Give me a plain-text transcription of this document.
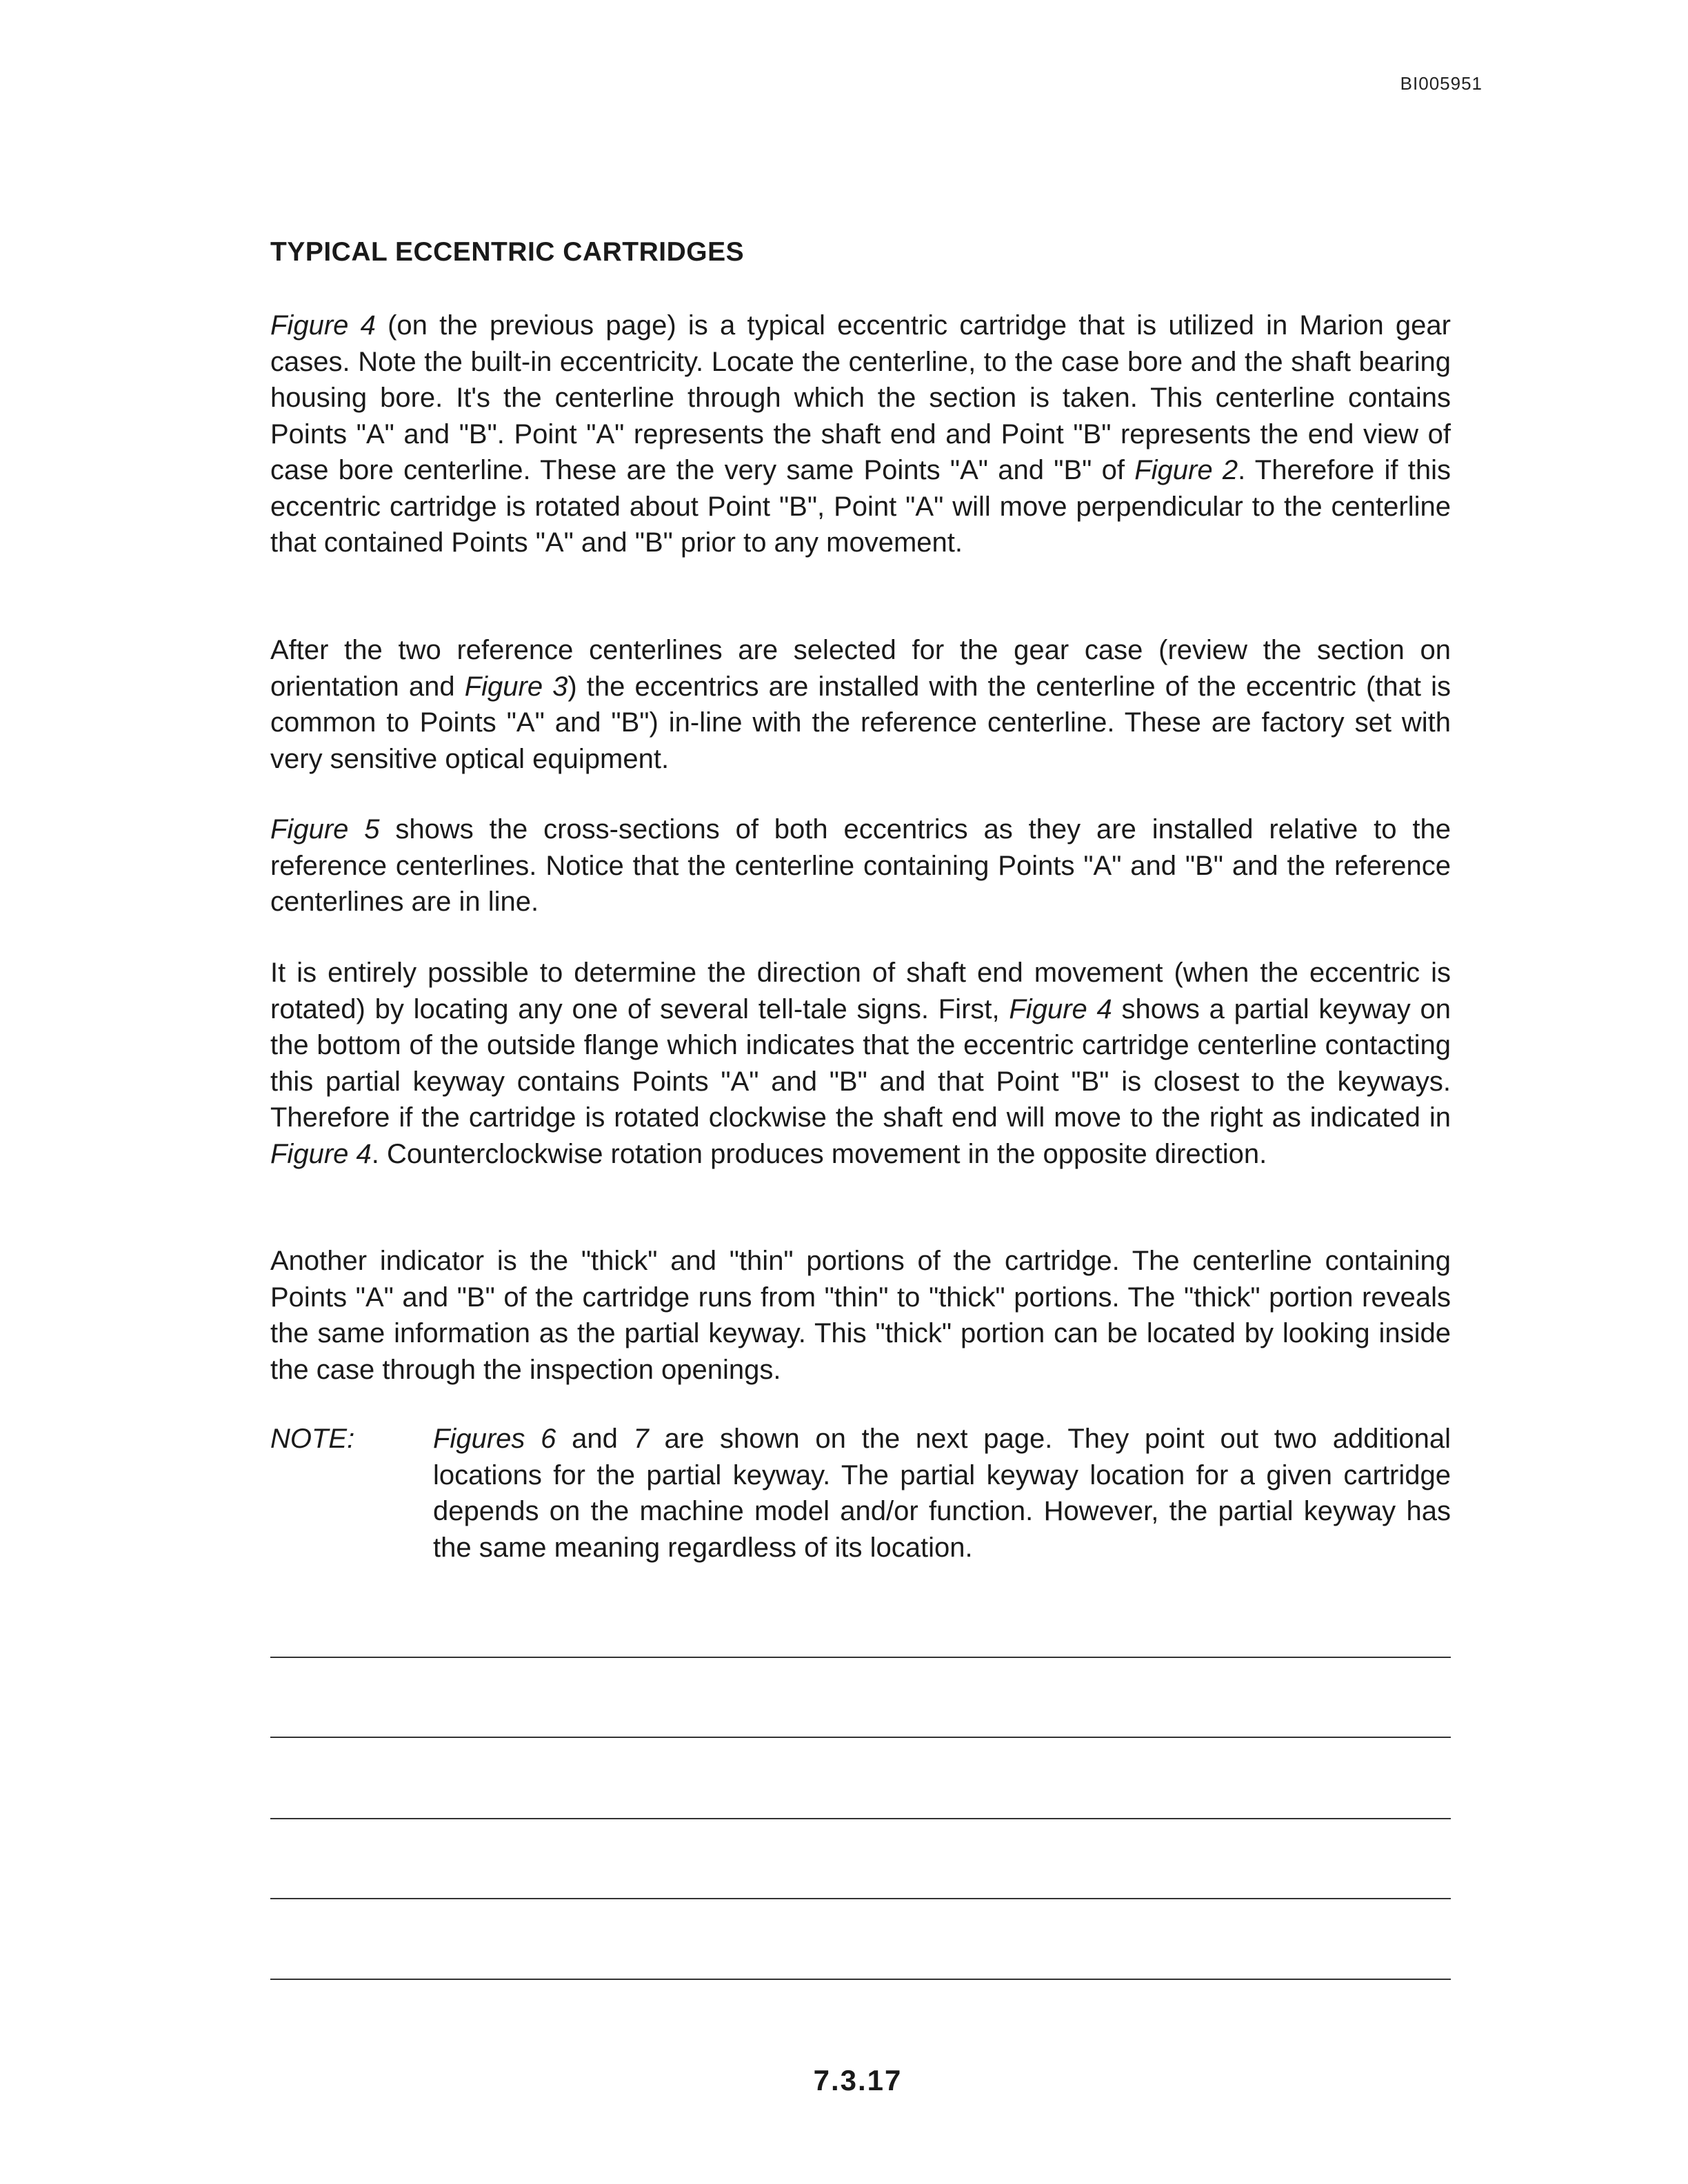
BI005951
TYPICAL ECCENTRIC CARTRIDGES

Figure 4 (on the previous page) is a typical eccentric cartridge that is utilized in Marion gear cases. Note the built-in eccentricity. Locate the centerline, to the case bore and the shaft bearing housing bore. It's the centerline through which the section is taken. This centerline contains Points "A" and "B". Point "A" represents the shaft end and Point "B" represents the end view of case bore centerline. These are the very same Points "A" and "B" of Figure 2. Therefore if this eccentric cartridge is rotated about Point "B", Point "A" will move perpendicular to the centerline that contained Points "A" and "B" prior to any movement.

After the two reference centerlines are selected for the gear case (review the section on orientation and Figure 3) the eccentrics are installed with the centerline of the eccentric (that is common to Points "A" and "B") in-line with the reference centerline. These are factory set with very sensitive optical equipment.

Figure 5 shows the cross-sections of both eccentrics as they are installed relative to the reference centerlines. Notice that the centerline containing Points "A" and "B" and the reference centerlines are in line.

It is entirely possible to determine the direction of shaft end movement (when the eccentric is rotated) by locating any one of several tell-tale signs. First, Figure 4 shows a partial keyway on the bottom of the outside flange which indicates that the eccentric cartridge centerline contacting this partial keyway contains Points "A" and "B" and that Point "B" is closest to the keyways. Therefore if the cartridge is rotated clockwise the shaft end will move to the right as indicated in Figure 4. Counterclockwise rotation produces movement in the opposite direction.

Another indicator is the "thick" and "thin" portions of the cartridge. The centerline containing Points "A" and "B" of the cartridge runs from "thin" to "thick" portions. The "thick" portion reveals the same information as the partial keyway. This "thick" portion can be located by looking inside the case through the inspection openings.

NOTE:	Figures 6 and 7 are shown on the next page. They point out two additional locations for the partial keyway. The partial keyway location for a given cartridge depends on the machine model and/or function. However, the partial keyway has the same meaning regardless of its location.

7.3.17
